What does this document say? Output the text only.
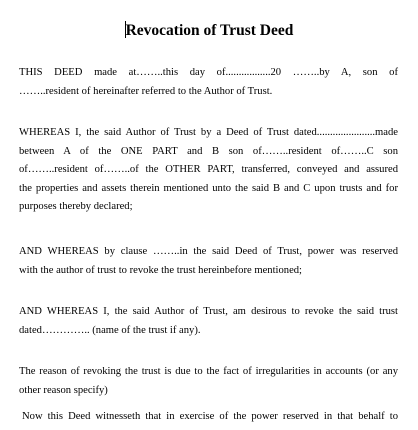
Revocation of Trust Deed
THIS DEED made at……..this day of.................20 ……..by A, son of
……..resident of hereinafter referred to the Author of Trust.
WHEREAS I, the said Author of Trust by a Deed of Trust dated......................made
between A of the ONE PART and B son of……..resident of……..C son
of……..resident of……..of the OTHER PART, transferred, conveyed and assured
the properties and assets therein mentioned unto the said B and C upon trusts and for
purposes thereby declared;
AND WHEREAS by clause ……..in the said Deed of Trust, power was reserved
with the author of trust to revoke the trust hereinbefore mentioned;
AND WHEREAS I, the said Author of Trust, am desirous to revoke the said trust
dated………….. (name of the trust if any).
The reason of revoking the trust is due to the fact of irregularities in accounts (or any
other reason specify)
Now this Deed witnesseth that in exercise of the power reserved in that behalf to
